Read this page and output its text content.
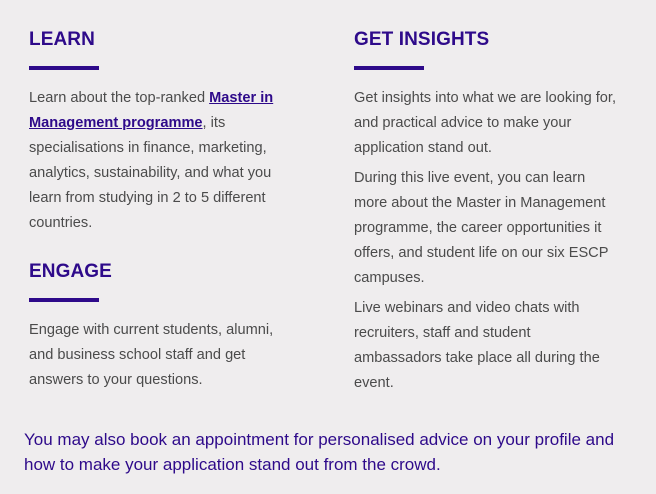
LEARN

Learn about the top-ranked Master in Management programme, its specialisations in finance, marketing, analytics, sustainability, and what you learn from studying in 2 to 5 different countries.

ENGAGE

Engage with current students, alumni, and business school staff and get answers to your questions.

GET INSIGHTS

Get insights into what we are looking for, and practical advice to make your application stand out.

During this live event, you can learn more about the Master in Management programme, the career opportunities it offers, and student life on our six ESCP campuses.

Live webinars and video chats with recruiters, staff and student ambassadors take place all during the event.

You may also book an appointment for personalised advice on your profile and how to make your application stand out from the crowd.
